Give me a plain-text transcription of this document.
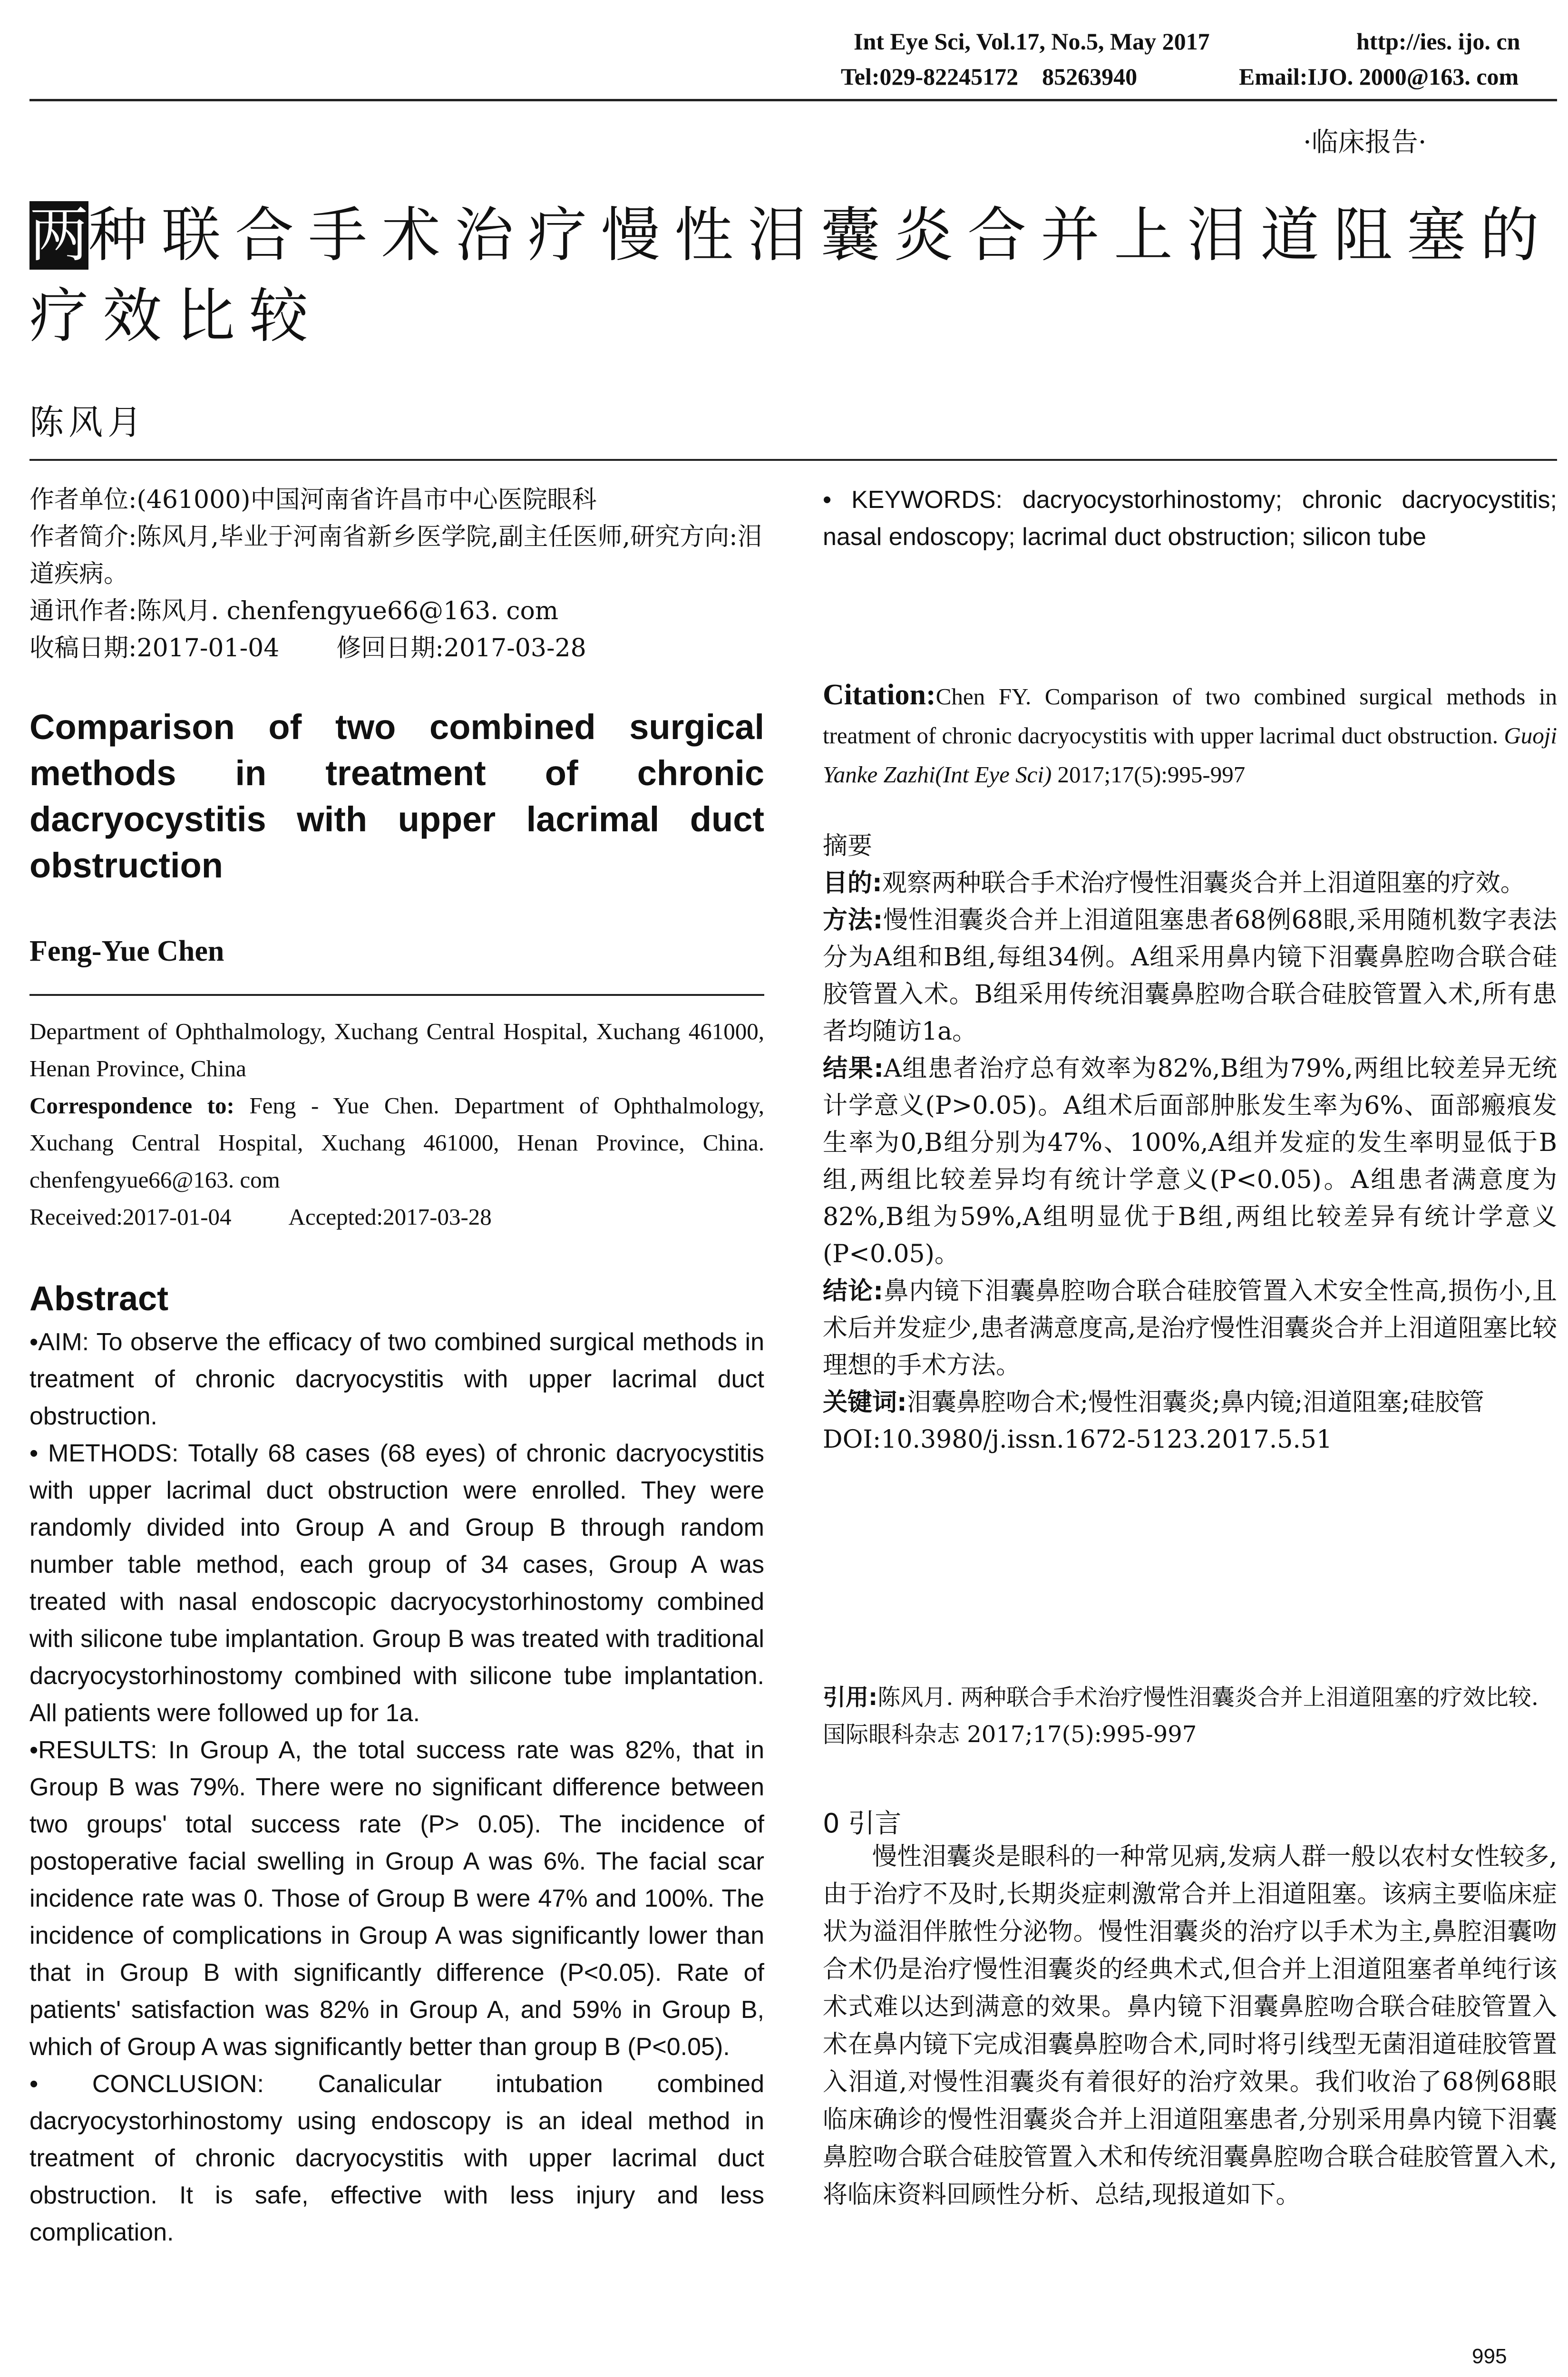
Int Eye Sci, Vol.17, No.5, May 2017	http://ies. ijo. cn
Tel:029-82245172    85263940	Email:IJO. 2000@163. com
·临床报告·
两种联合手术治疗慢性泪囊炎合并上泪道阻塞的疗效比较
陈风月
作者单位:(461000)中国河南省许昌市中心医院眼科
作者简介:陈风月,毕业于河南省新乡医学院,副主任医师,研究方向:泪道疾病。
通讯作者:陈风月. chenfengyue66@163. com
收稿日期:2017-01-04 修回日期:2017-03-28
Comparison of two combined surgical methods in treatment of chronic dacryocystitis with upper lacrimal duct obstruction
Feng-Yue Chen
Department of Ophthalmology, Xuchang Central Hospital, Xuchang 461000, Henan Province, China
Correspondence to: Feng - Yue Chen. Department of Ophthalmology, Xuchang Central Hospital, Xuchang 461000, Henan Province, China. chenfengyue66@163. com
Received:2017-01-04 Accepted:2017-03-28
Abstract

•AIM: To observe the efficacy of two combined surgical methods in treatment of chronic dacryocystitis with upper lacrimal duct obstruction.

• METHODS: Totally 68 cases (68 eyes) of chronic dacryocystitis with upper lacrimal duct obstruction were enrolled. They were randomly divided into Group A and Group B through random number table method, each group of 34 cases, Group A was treated with nasal endoscopic dacryocystorhinostomy combined with silicone tube implantation. Group B was treated with traditional dacryocystorhinostomy combined with silicone tube implantation. All patients were followed up for 1a.

•RESULTS: In Group A, the total success rate was 82%, that in Group B was 79%. There were no significant difference between two groups' total success rate (P> 0.05). The incidence of postoperative facial swelling in Group A was 6%. The facial scar incidence rate was 0. Those of Group B were 47% and 100%. The incidence of complications in Group A was significantly lower than that in Group B with significantly difference (P<0.05). Rate of patients' satisfaction was 82% in Group A, and 59% in Group B, which of Group A was significantly better than group B (P<0.05).

• CONCLUSION: Canalicular intubation combined dacryocystorhinostomy using endoscopy is an ideal method in treatment of chronic dacryocystitis with upper lacrimal duct obstruction. It is safe, effective with less injury and less complication.

• KEYWORDS: dacryocystorhinostomy; chronic dacryocystitis; nasal endoscopy; lacrimal duct obstruction; silicon tube
Citation:Chen FY. Comparison of two combined surgical methods in treatment of chronic dacryocystitis with upper lacrimal duct obstruction. Guoji Yanke Zazhi(Int Eye Sci) 2017;17(5):995-997

摘要

目的:观察两种联合手术治疗慢性泪囊炎合并上泪道阻塞的疗效。

方法:慢性泪囊炎合并上泪道阻塞患者68例68眼,采用随机数字表法分为A组和B组,每组34例。A组采用鼻内镜下泪囊鼻腔吻合联合硅胶管置入术。B组采用传统泪囊鼻腔吻合联合硅胶管置入术,所有患者均随访1a。

结果:A组患者治疗总有效率为82%,B组为79%,两组比较差异无统计学意义(P>0.05)。A组术后面部肿胀发生率为6%、面部瘢痕发生率为0,B组分别为47%、100%,A组并发症的发生率明显低于B组,两组比较差异均有统计学意义(P<0.05)。A组患者满意度为82%,B组为59%,A组明显优于B组,两组比较差异有统计学意义(P<0.05)。

结论:鼻内镜下泪囊鼻腔吻合联合硅胶管置入术安全性高,损伤小,且术后并发症少,患者满意度高,是治疗慢性泪囊炎合并上泪道阻塞比较理想的手术方法。

关键词:泪囊鼻腔吻合术;慢性泪囊炎;鼻内镜;泪道阻塞;硅胶管

DOI:10.3980/j.issn.1672-5123.2017.5.51

引用:陈风月. 两种联合手术治疗慢性泪囊炎合并上泪道阻塞的疗效比较. 国际眼科杂志 2017;17(5):995-997
0 引言
慢性泪囊炎是眼科的一种常见病,发病人群一般以农村女性较多,由于治疗不及时,长期炎症刺激常合并上泪道阻塞。该病主要临床症状为溢泪伴脓性分泌物。慢性泪囊炎的治疗以手术为主,鼻腔泪囊吻合术仍是治疗慢性泪囊炎的经典术式,但合并上泪道阻塞者单纯行该术式难以达到满意的效果。鼻内镜下泪囊鼻腔吻合联合硅胶管置入术在鼻内镜下完成泪囊鼻腔吻合术,同时将引线型无菌泪道硅胶管置入泪道,对慢性泪囊炎有着很好的治疗效果。我们收治了68例68眼临床确诊的慢性泪囊炎合并上泪道阻塞患者,分别采用鼻内镜下泪囊鼻腔吻合联合硅胶管置入术和传统泪囊鼻腔吻合联合硅胶管置入术,将临床资料回顾性分析、总结,现报道如下。
995
